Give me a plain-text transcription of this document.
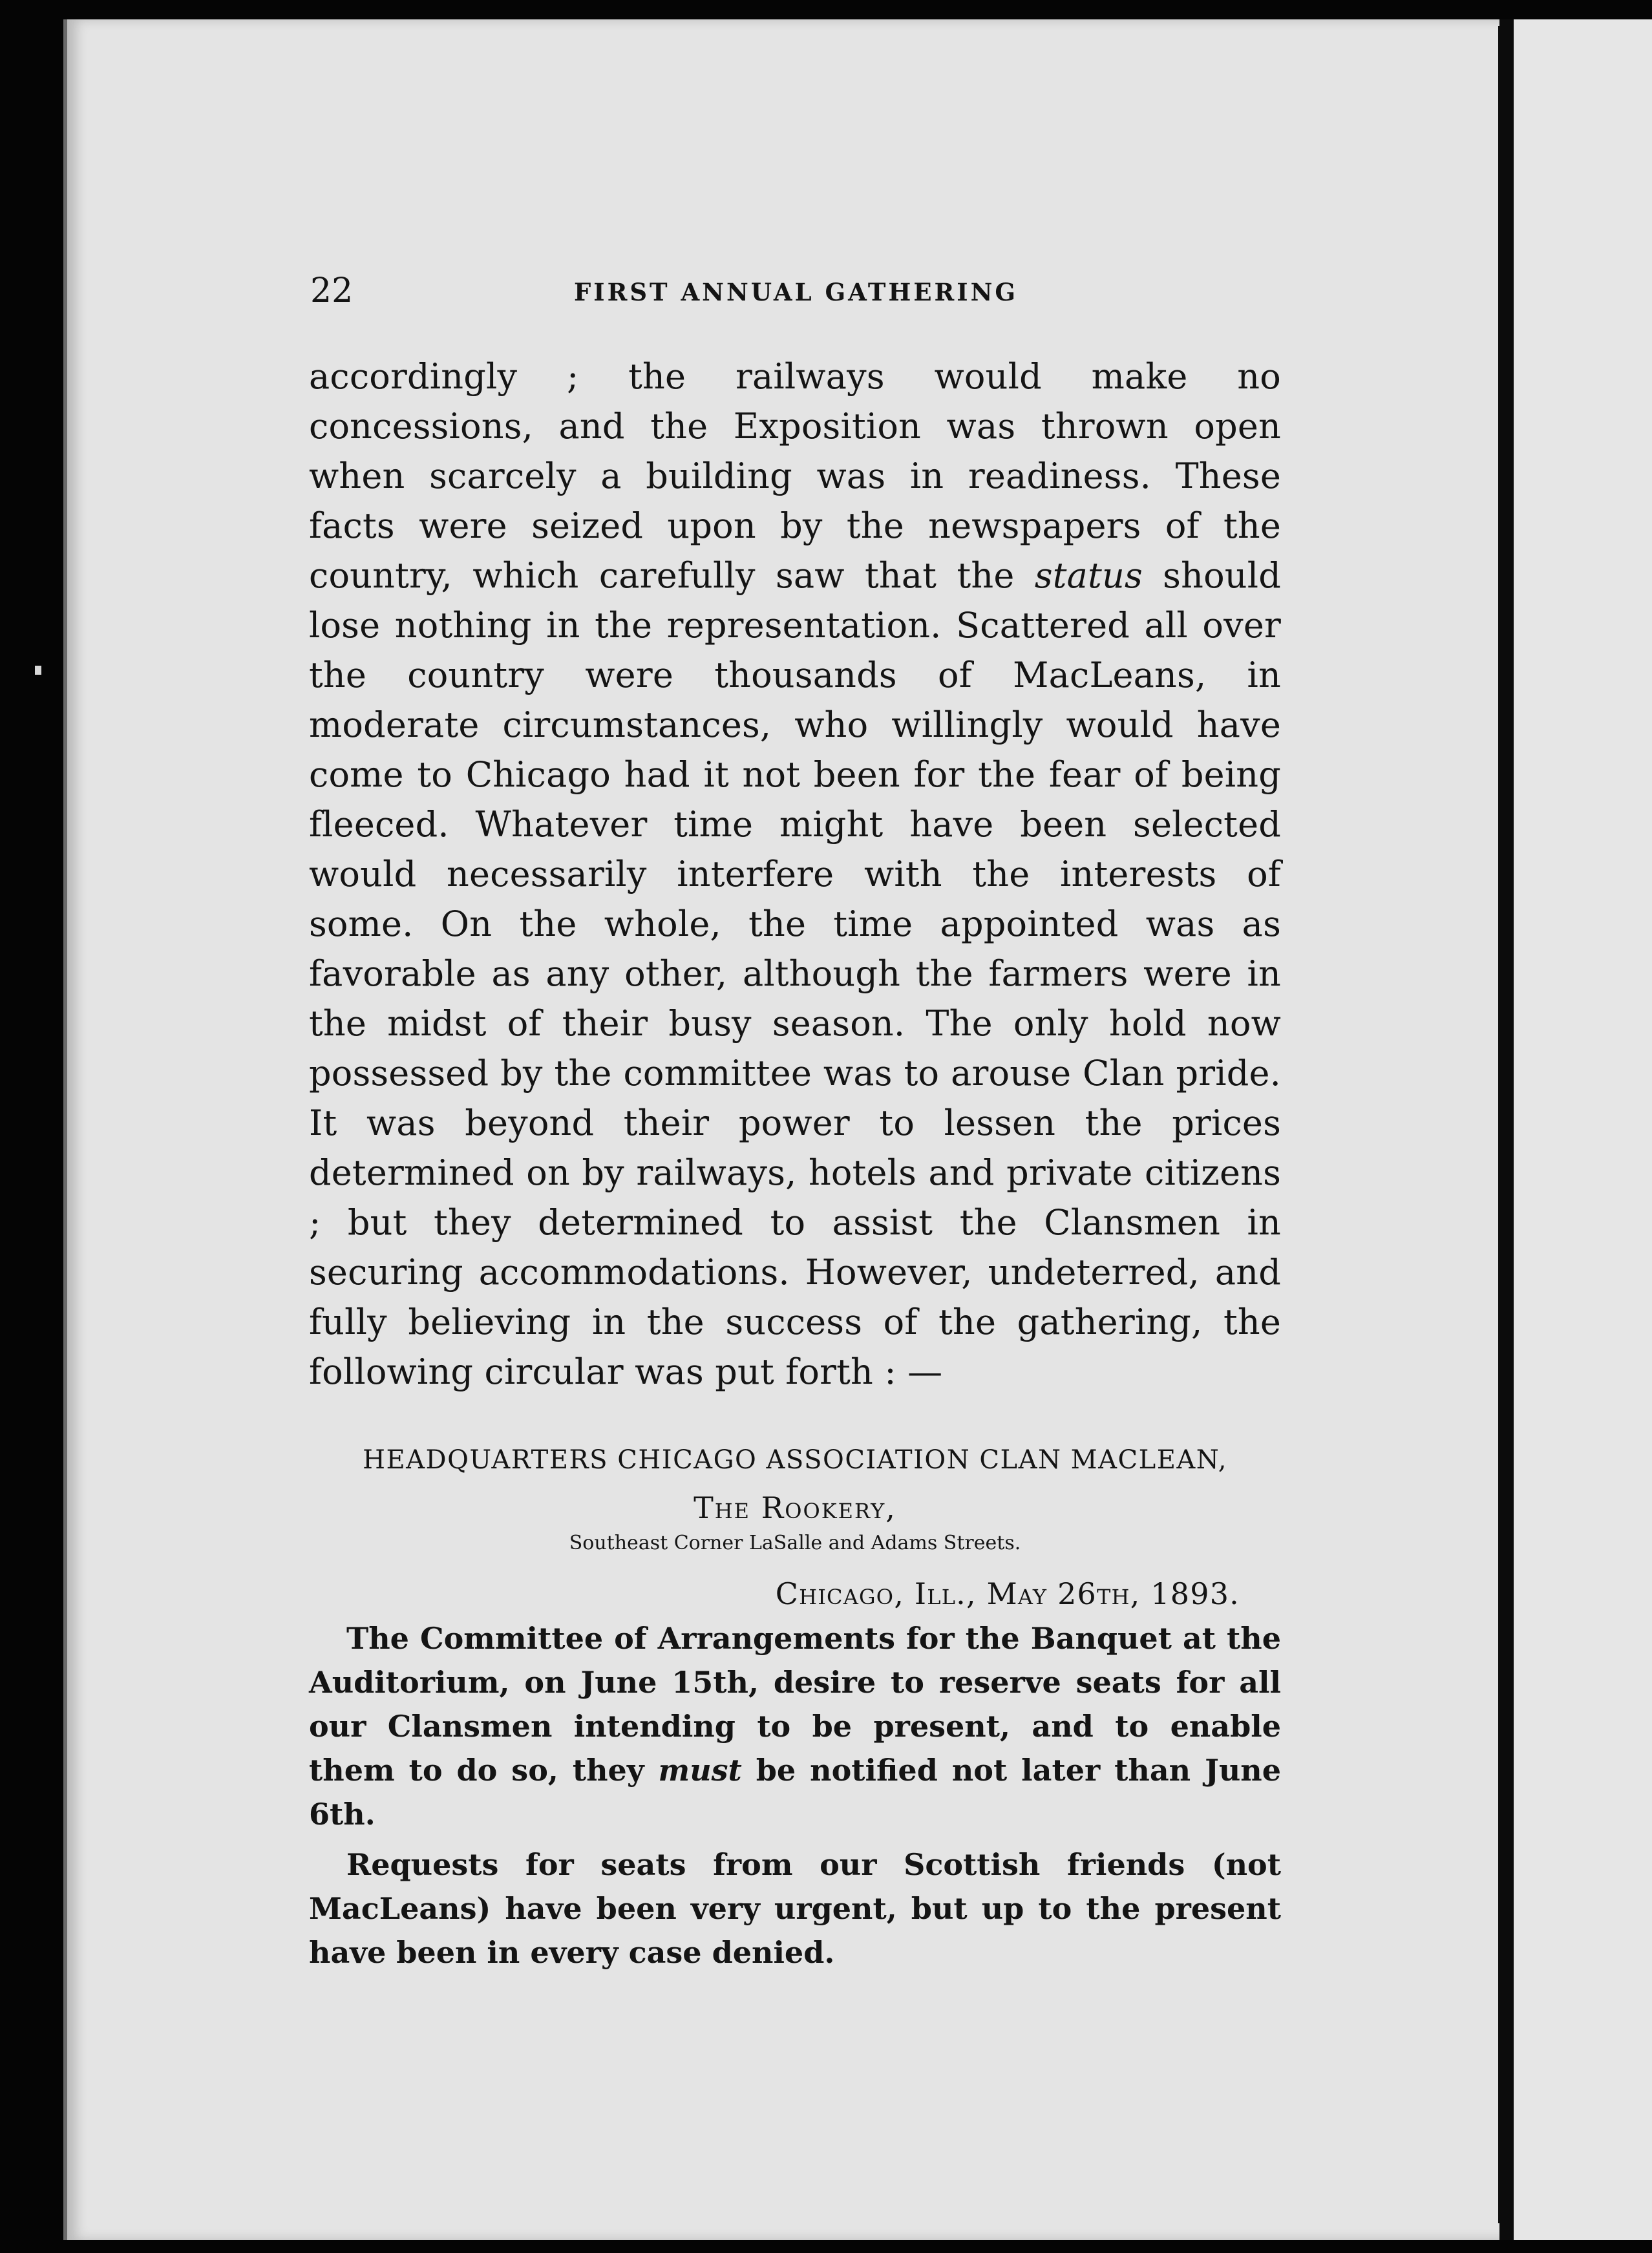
22	FIRST ANNUAL GATHERING

accordingly ; the railways would make no concessions, and the Exposition was thrown open when scarcely a building was in readiness. These facts were seized upon by the newspapers of the country, which carefully saw that the status should lose nothing in the representation. Scattered all over the country were thousands of MacLeans, in moderate circumstances, who willingly would have come to Chicago had it not been for the fear of being fleeced. Whatever time might have been selected would necessarily interfere with the interests of some. On the whole, the time appointed was as favorable as any other, although the farmers were in the midst of their busy season. The only hold now possessed by the committee was to arouse Clan pride. It was beyond their power to lessen the prices determined on by railways, hotels and private citizens ; but they determined to assist the Clansmen in securing accommodations. However, undeterred, and fully believing in the success of the gathering, the following circular was put forth : —

HEADQUARTERS CHICAGO ASSOCIATION CLAN MACLEAN,
The Rookery,
Southeast Corner LaSalle and Adams Streets.
Chicago, Ill., May 26th, 1893.

The Committee of Arrangements for the Banquet at the Auditorium, on June 15th, desire to reserve seats for all our Clansmen intending to be present, and to enable them to do so, they must be notified not later than June 6th.

Requests for seats from our Scottish friends (not MacLeans) have been very urgent, but up to the present have been in every case denied.
